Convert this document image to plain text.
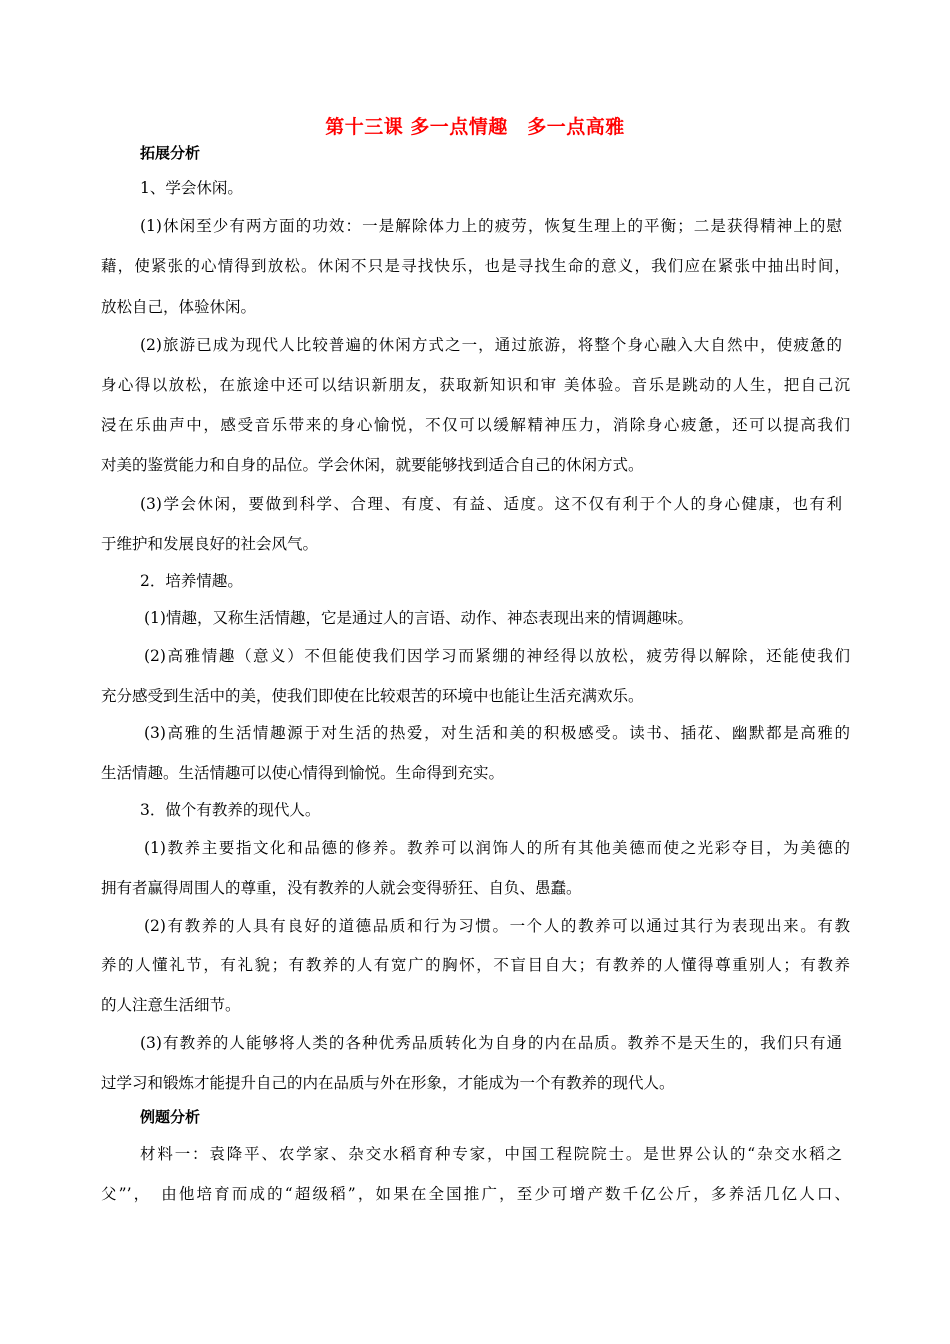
第十三课 多一点情趣　多一点高雅
拓展分析

1、学会休闲。

(1)休闲至少有两方面的功效：一是解除体力上的疲劳，恢复生理上的平衡；二是获得精神上的慰

藉，使紧张的心情得到放松。休闲不只是寻找快乐，也是寻找生命的意义，我们应在紧张中抽出时间，

放松自己，体验休闲。

(2)旅游已成为现代人比较普遍的休闲方式之一，通过旅游，将整个身心融入大自然中，使疲惫的

身心得以放松，在旅途中还可以结识新朋友，获取新知识和审 美体验。音乐是跳动的人生，把自己沉

浸在乐曲声中，感受音乐带来的身心愉悦，不仅可以缓解精神压力，消除身心疲惫，还可以提高我们

对美的鉴赏能力和自身的品位。学会休闲，就要能够找到适合自己的休闲方式。

(3)学会休闲，要做到科学、合理、有度、有益、适度。这不仅有利于个人的身心健康，也有利

于维护和发展良好的社会风气。

2．培养情趣。

(1)情趣，又称生活情趣，它是通过人的言语、动作、神态表现出来的情调趣味。

(2)高雅情趣（意义）不但能使我们因学习而紧绷的神经得以放松，疲劳得以解除，还能使我们

充分感受到生活中的美，使我们即使在比较艰苦的环境中也能让生活充满欢乐。

(3)高雅的生活情趣源于对生活的热爱，对生活和美的积极感受。读书、插花、幽默都是高雅的

生活情趣。生活情趣可以使心情得到愉悦。生命得到充实。

3．做个有教养的现代人。

(1)教养主要指文化和品德的修养。教养可以润饰人的所有其他美德而使之光彩夺目，为美德的

拥有者赢得周围人的尊重，没有教养的人就会变得骄狂、自负、愚蠢。

(2)有教养的人具有良好的道德品质和行为习惯。一个人的教养可以通过其行为表现出来。有教

养的人懂礼节，有礼貌；有教养的人有宽广的胸怀，不盲目自大；有教养的人懂得尊重别人；有教养

的人注意生活细节。

(3)有教养的人能够将人类的各种优秀品质转化为自身的内在品质。教养不是天生的，我们只有通

过学习和锻炼才能提升自己的内在品质与外在形象，才能成为一个有教养的现代人。

例题分析

材料一：袁降平、农学家、杂交水稻育种专家，中国工程院院士。是世界公认的“杂交水稻之

父”’，　由他培育而成的“超级稻”，如果在全国推广，至少可增产数千亿公斤，多养活几亿人口、
